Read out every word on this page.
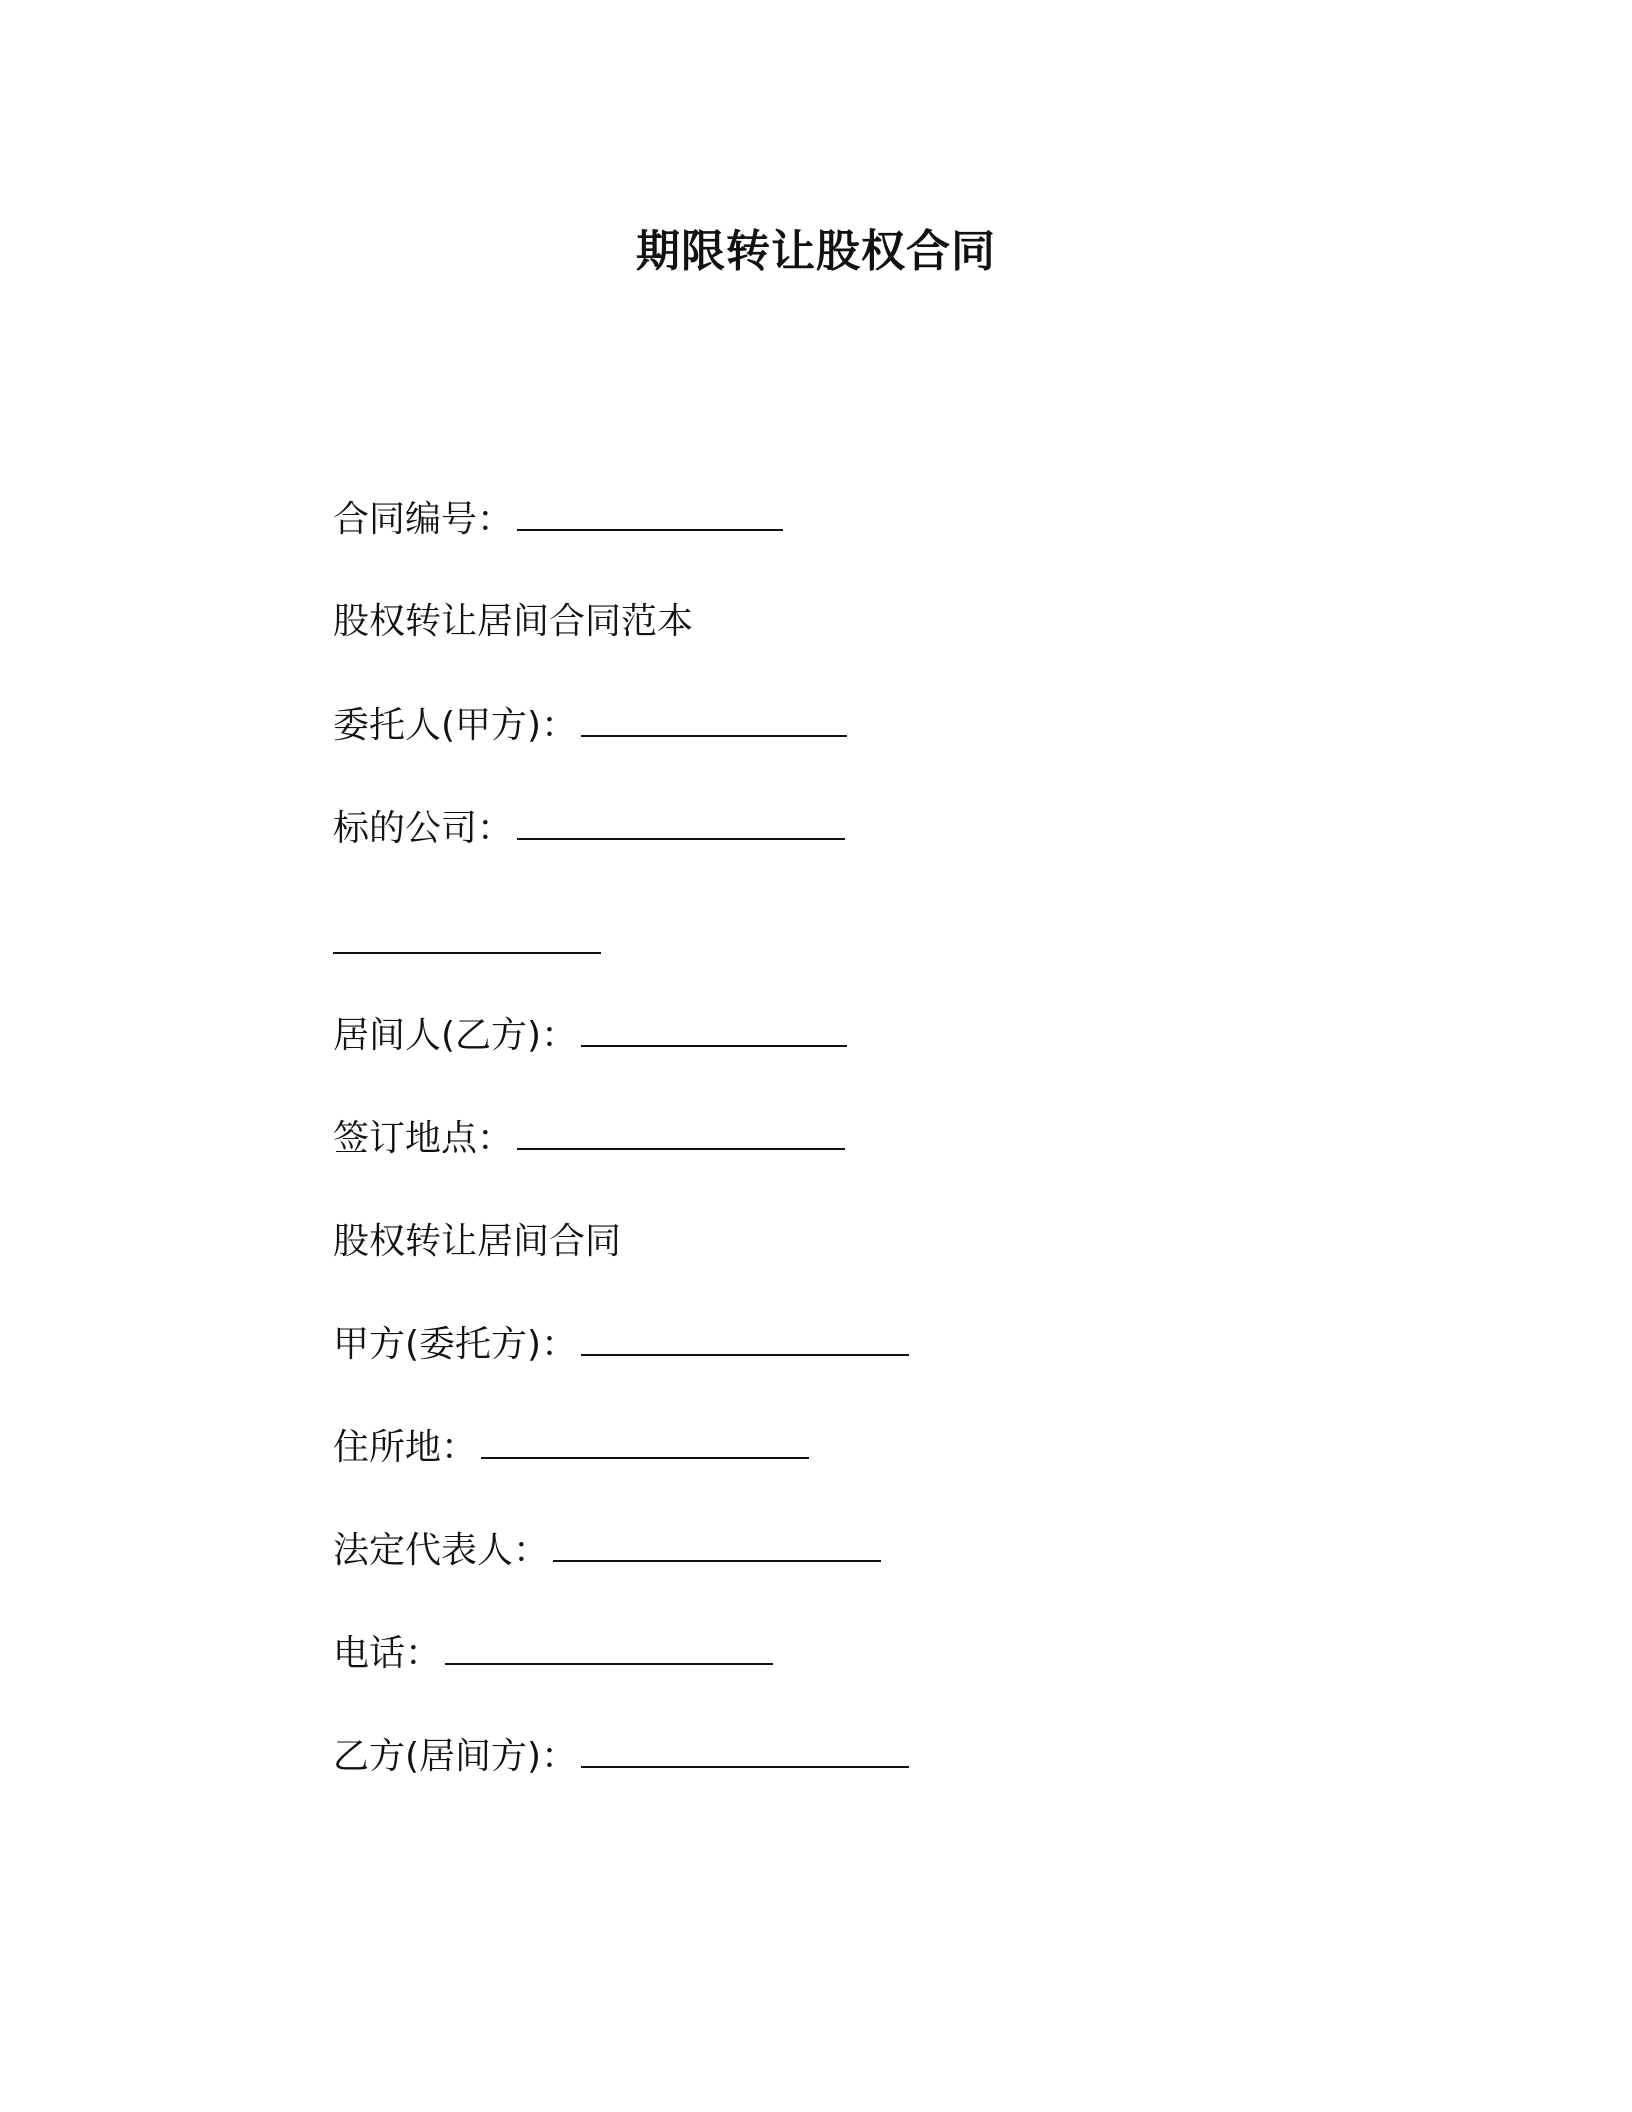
期限转让股权合同
合同编号：
股权转让居间合同范本
委托人(甲方)：
标的公司：
居间人(乙方)：
签订地点：
股权转让居间合同
甲方(委托方)：
住所地：
法定代表人：
电话：
乙方(居间方)：
